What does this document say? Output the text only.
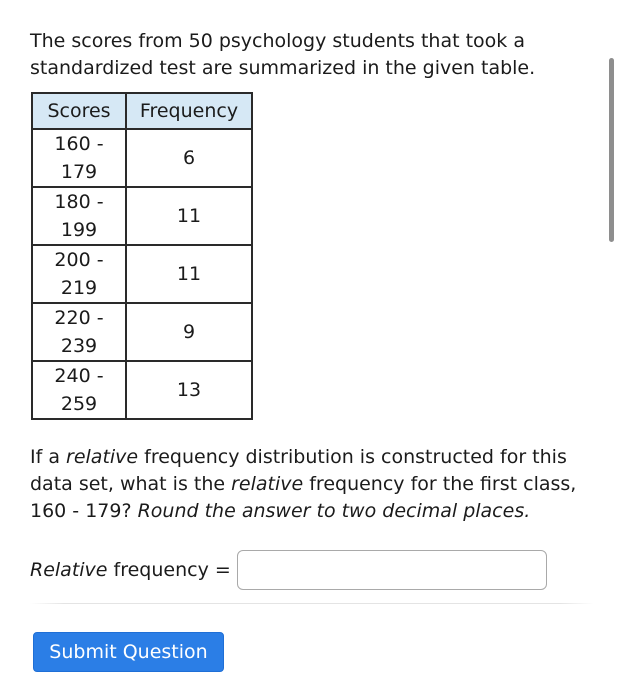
The scores from 50 psychology students that took a standardized test are summarized in the given table.

Scores	Frequency

160 -
179	6

180 -
199	11

200 -
219	11

220 -
239	9

240 -
259	13

If a relative frequency distribution is constructed for this data set, what is the relative frequency for the first class, 160 - 179? Round the answer to two decimal places.

Relative frequency =
Submit Question
